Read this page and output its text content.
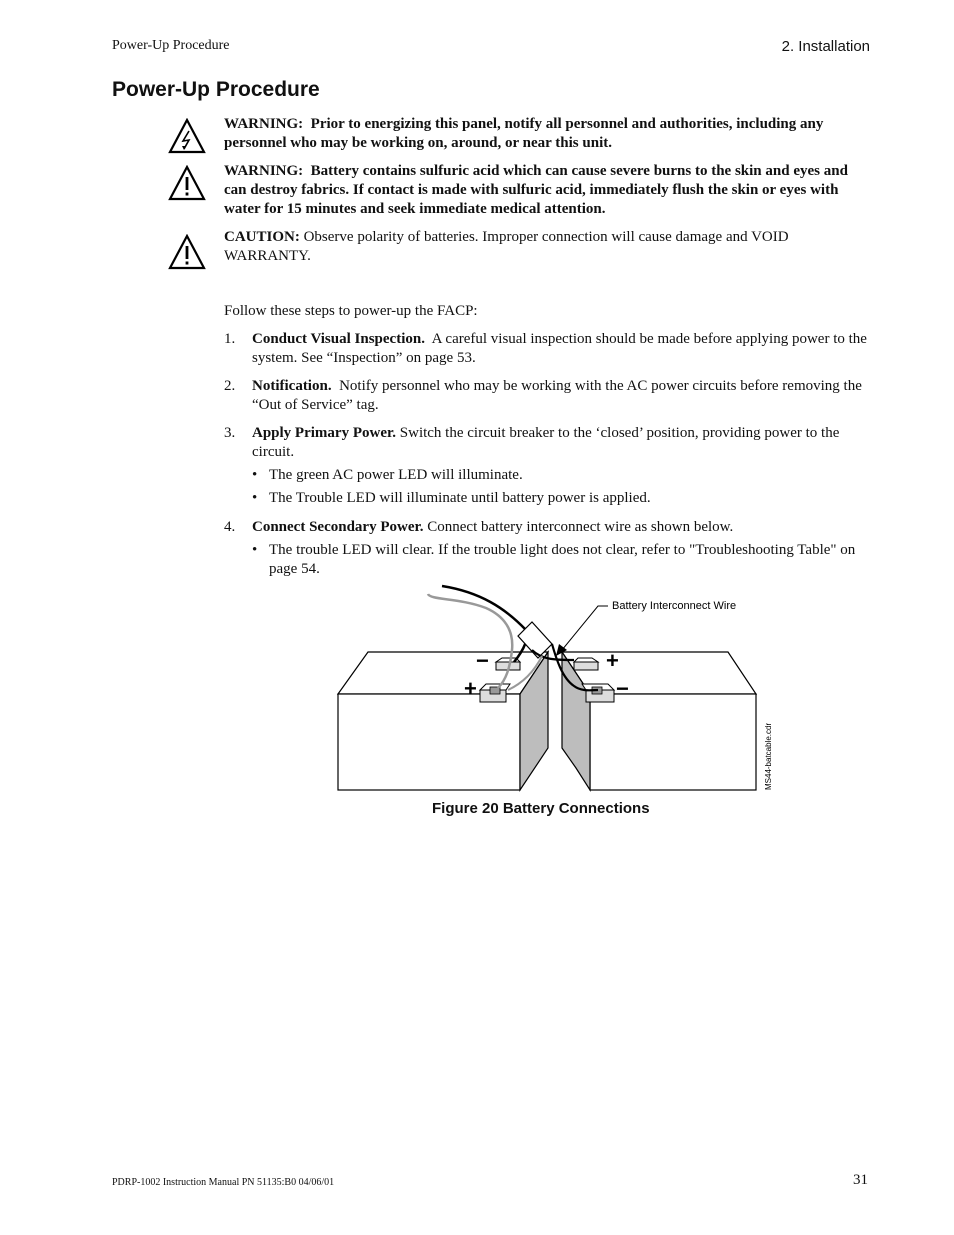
Power-Up Procedure	2. Installation
Power-Up Procedure
WARNING: Prior to energizing this panel, notify all personnel and authorities, including any personnel who may be working on, around, or near this unit.
WARNING: Battery contains sulfuric acid which can cause severe burns to the skin and eyes and can destroy fabrics. If contact is made with sulfuric acid, immediately flush the skin or eyes with water for 15 minutes and seek immediate medical attention.
CAUTION: Observe polarity of batteries. Improper connection will cause damage and VOID WARRANTY.
Follow these steps to power-up the FACP:
1. Conduct Visual Inspection. A careful visual inspection should be made before applying power to the system. See “Inspection” on page 53.
2. Notification. Notify personnel who may be working with the AC power circuits before removing the “Out of Service” tag.
3. Apply Primary Power. Switch the circuit breaker to the ‘closed’ position, providing power to the circuit.
• The green AC power LED will illuminate.
• The Trouble LED will illuminate until battery power is applied.
4. Connect Secondary Power. Connect battery interconnect wire as shown below.
• The trouble LED will clear. If the trouble light does not clear, refer to "Troubleshooting Table" on page 54.
−
+
+
−
Battery Interconnect Wire
MS44-batcable.cdr
Figure 20 Battery Connections
PDRP-1002 Instruction Manual PN 51135:B0 04/06/01	31
